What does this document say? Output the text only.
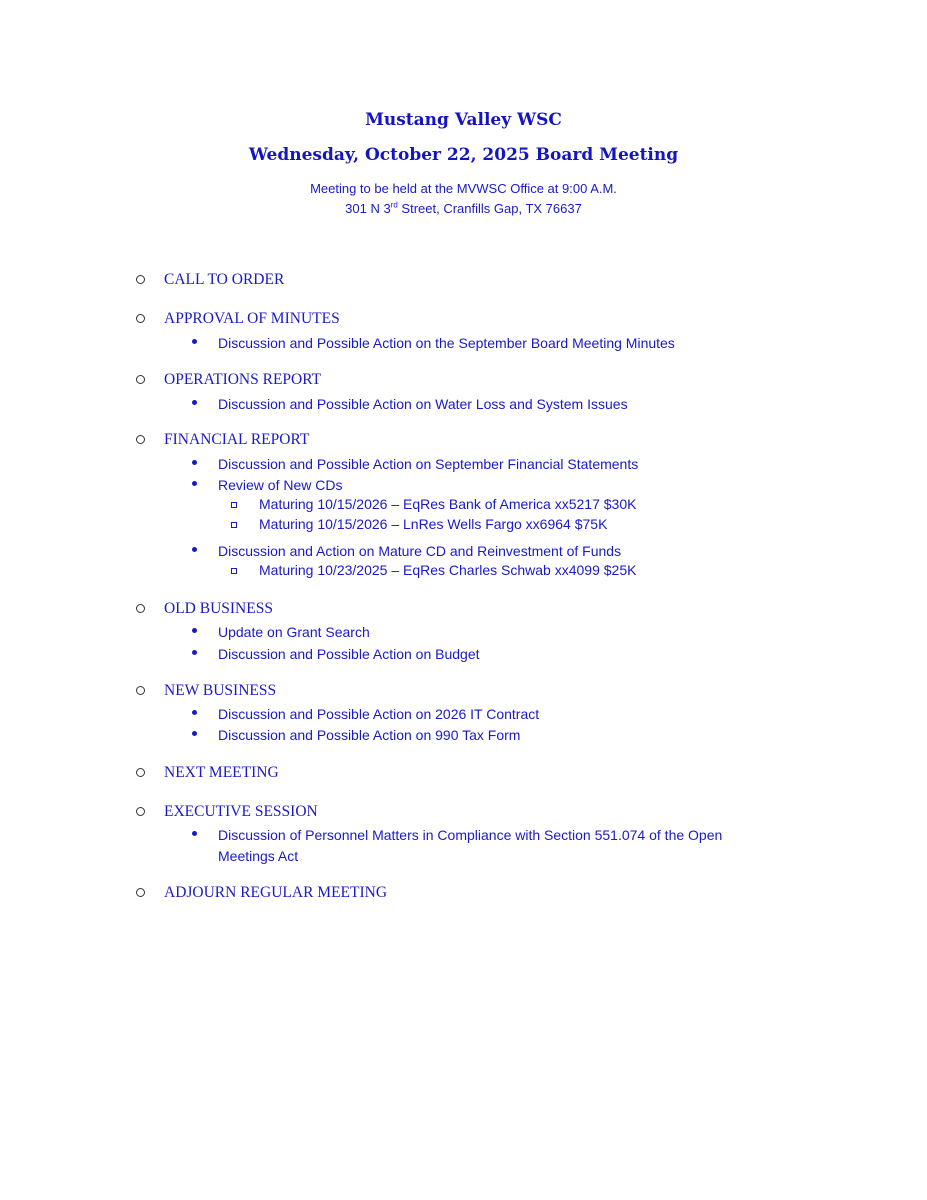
Mustang Valley WSC
Wednesday, October 22, 2025 Board Meeting
Meeting to be held at the MVWSC Office at 9:00 A.M.
301 N 3rd Street, Cranfills Gap, TX 76637
CALL TO ORDER
APPROVAL OF MINUTES
Discussion and Possible Action on the September Board Meeting Minutes
OPERATIONS REPORT
Discussion and Possible Action on Water Loss and System Issues
FINANCIAL REPORT
Discussion and Possible Action on September Financial Statements
Review of New CDs
Maturing 10/15/2026 – EqRes Bank of America xx5217 $30K
Maturing 10/15/2026 – LnRes Wells Fargo xx6964 $75K
Discussion and Action on Mature CD and Reinvestment of Funds
Maturing 10/23/2025 – EqRes Charles Schwab xx4099 $25K
OLD BUSINESS
Update on Grant Search
Discussion and Possible Action on Budget
NEW BUSINESS
Discussion and Possible Action on 2026 IT Contract
Discussion and Possible Action on 990 Tax Form
NEXT MEETING
EXECUTIVE SESSION
Discussion of Personnel Matters in Compliance with Section 551.074 of the Open
Meetings Act
ADJOURN REGULAR MEETING
